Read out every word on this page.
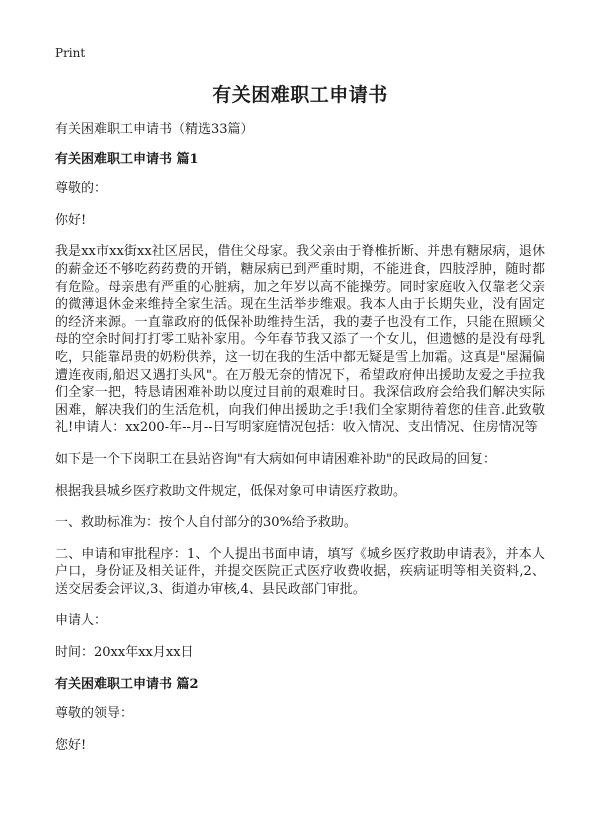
Print
有关困难职工申请书

有关困难职工申请书（精选33篇）

有关困难职工申请书 篇1

尊敬的：

你好!

我是xx市xx街xx社区居民，借住父母家。我父亲由于脊椎折断、并患有糖尿病，退休的薪金还不够吃药药费的开销，糖尿病已到严重时期，不能进食，四肢浮肿，随时都有危险。母亲患有严重的心脏病，加之年岁以高不能操劳。同时家庭收入仅靠老父亲的微薄退休金来维持全家生活。现在生活举步维艰。我本人由于长期失业，没有固定的经济来源。一直靠政府的低保补助维持生活，我的妻子也没有工作，只能在照顾父母的空余时间打打零工贴补家用。今年春节我又添了一个女儿，但遗憾的是没有母乳吃，只能靠昂贵的奶粉供养，这一切在我的生活中都无疑是雪上加霜。这真是"屋漏偏遭连夜雨,船迟又遇打头风"。在万般无奈的情况下，希望政府伸出援助友爱之手拉我们全家一把，特恳请困难补助以度过目前的艰难时日。我深信政府会给我们解决实际困难，解决我们的生活危机，向我们伸出援助之手!我们全家期待着您的佳音.此致敬礼!申请人：xx200-年--月--日写明家庭情况包括：收入情况、支出情况、住房情况等

如下是一个下岗职工在县站咨询"有大病如何申请困难补助"的民政局的回复：

根据我县城乡医疗救助文件规定，低保对象可申请医疗救助。

一、救助标准为：按个人自付部分的30%给予救助。

二、申请和审批程序：1、个人提出书面申请，填写《城乡医疗救助申请表》，并本人户口，身份证及相关证件，并提交医院正式医疗收费收据，疾病证明等相关资料,2、送交居委会评议,3、街道办审核,4、县民政部门审批。

申请人：

时间：20xx年xx月xx日

有关困难职工申请书 篇2

尊敬的领导：

您好!
